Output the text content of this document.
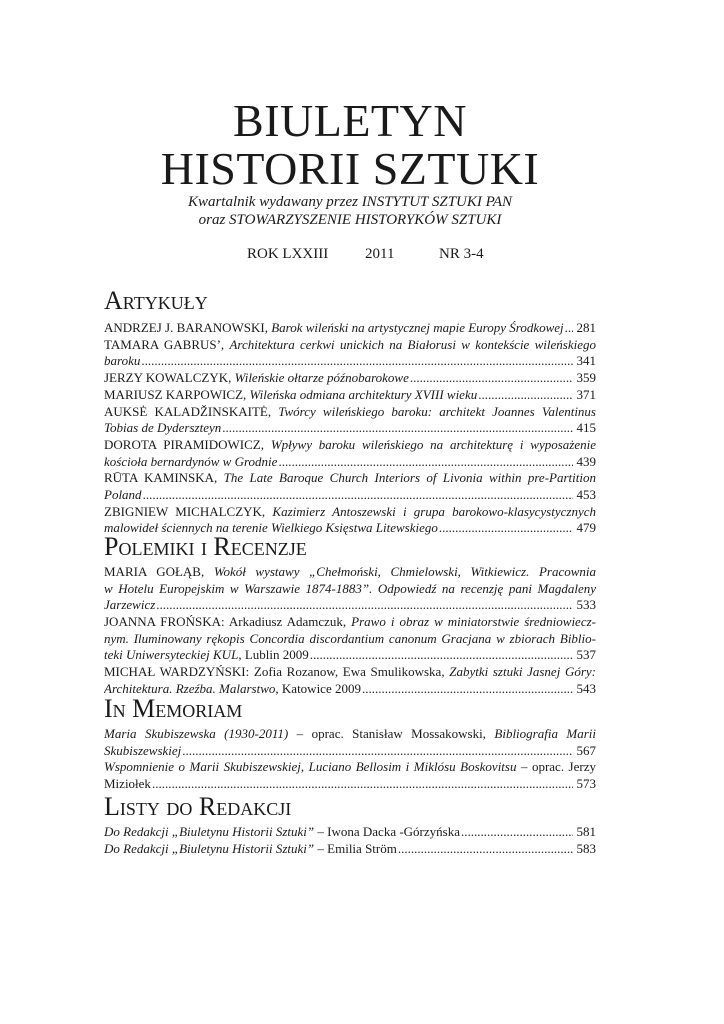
BIULETYN
HISTORII SZTUKI
Kwartalnik wydawany przez INSTYTUT SZTUKI PAN
oraz STOWARZYSZENIE HISTORYKÓW SZTUKI
ROK LXXIII 2011	NR 3-4
Artykuły
ANDRZEJ J. BARANOWSKI, Barok wileński na artystycznej mapie Europy Środkowej ..... 281
TAMARA GABRUS’, Architektura cerkwi unickich na Białorusi w kontekście wileńskiego
baroku .....	341
JERZY KOWALCZYK, Wileńskie ołtarze późnobarokowe .....	359
MARIUSZ KARPOWICZ, Wileńska odmiana architektury XVIII wieku .....	371
AUKSĖ KALADŽINSKAITĖ, Twórcy wileńskiego baroku: architekt Joannes Valentinus
Tobias de Dyderszteyn .....	415
DOROTA PIRAMIDOWICZ, Wpływy baroku wileńskiego na architekturę i wyposażenie
kościoła bernardynów w Grodnie .....	439
RŪTA KAMINSKA, The Late Baroque Church Interiors of Livonia within pre-Partition
Poland .....	453
ZBIGNIEW MICHALCZYK, Kazimierz Antoszewski i grupa barokowo-klasycystycznych
malowideł ściennych na terenie Wielkiego Księstwa Litewskiego .....	479
Polemiki i Recenzje
MARIA GOŁĄB, Wokół wystawy „Chełmoński, Chmielowski, Witkiewicz. Pracownia
w Hotelu Europejskim w Warszawie 1874-1883”. Odpowiedź na recenzję pani Magdaleny
Jarzewicz .....	533
JOANNA FROŃSKA: Arkadiusz Adamczuk, Prawo i obraz w miniatorstwie średniowiecz-
nym. Iluminowany rękopis Concordia discordantium canonum Gracjana w zbiorach Biblio-
teki Uniwersyteckiej KUL, Lublin 2009 .....	537
MICHAŁ WARDZYŃSKI: Zofia Rozanow, Ewa Smulikowska, Zabytki sztuki Jasnej Góry:
Architektura. Rzeźba. Malarstwo, Katowice 2009 .....	543
In Memoriam
Maria Skubiszewska (1930-2011) – oprac. Stanisław Mossakowski, Bibliografia Marii
Skubiszewskiej .....	567
Wspomnienie o Marii Skubiszewskiej, Luciano Bellosim i Miklósu Boskovitsu – oprac. Jerzy
Miziołek .....	573
Listy do Redakcji
Do Redakcji „Biuletynu Historii Sztuki” – Iwona Dacka -Górzyńska .....	581
Do Redakcji „Biuletynu Historii Sztuki” – Emilia Ström .....	583
